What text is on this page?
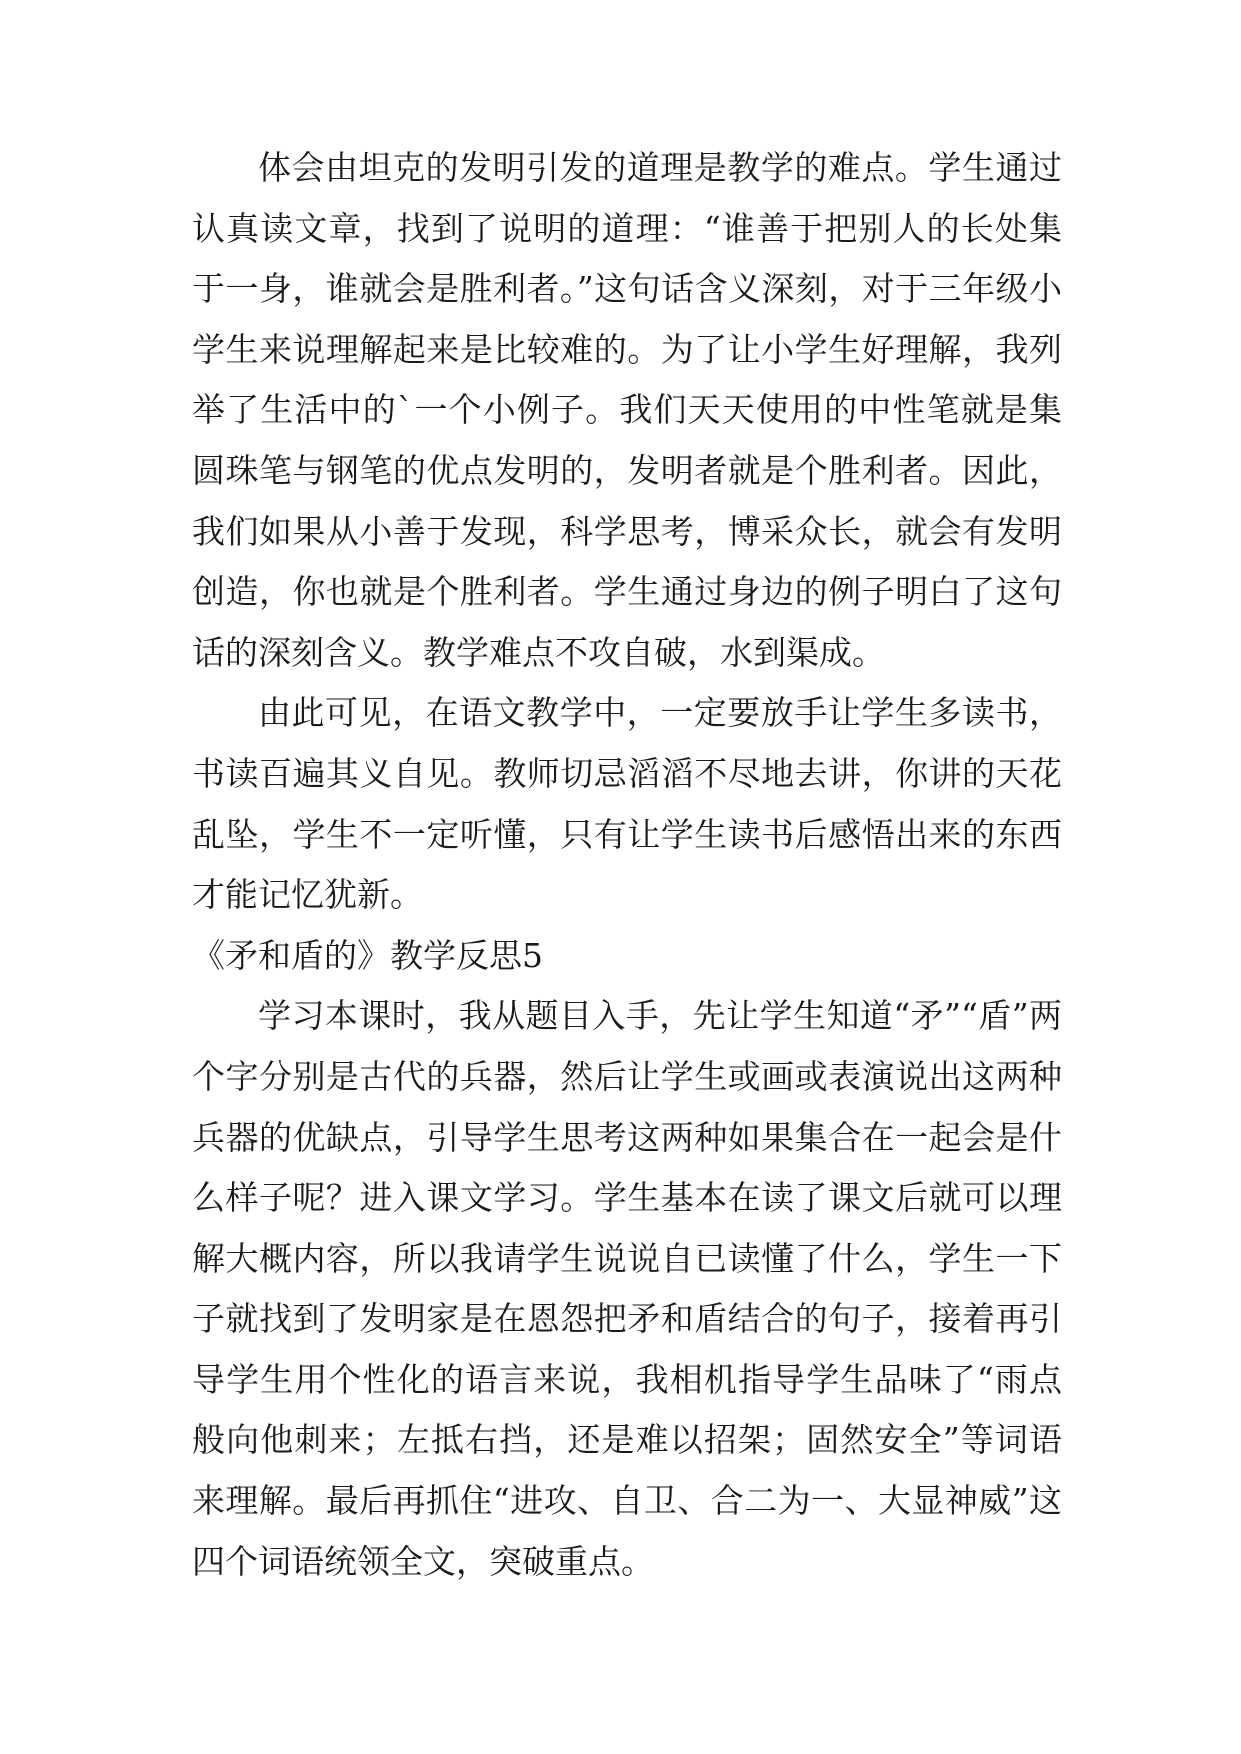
体会由坦克的发明引发的道理是教学的难点。学生通过认真读文章，找到了说明的道理：“谁善于把别人的长处集于一身，谁就会是胜利者。”这句话含义深刻，对于三年级小学生来说理解起来是比较难的。为了让小学生好理解，我列举了生活中的`一个小例子。我们天天使用的中性笔就是集圆珠笔与钢笔的优点发明的，发明者就是个胜利者。因此，我们如果从小善于发现，科学思考，博采众长，就会有发明创造，你也就是个胜利者。学生通过身边的例子明白了这句话的深刻含义。教学难点不攻自破，水到渠成。

由此可见，在语文教学中，一定要放手让学生多读书，书读百遍其义自见。教师切忌滔滔不尽地去讲，你讲的天花乱坠，学生不一定听懂，只有让学生读书后感悟出来的东西才能记忆犹新。

《矛和盾的》教学反思5

学习本课时，我从题目入手，先让学生知道“矛”“盾”两个字分别是古代的兵器，然后让学生或画或表演说出这两种兵器的优缺点，引导学生思考这两种如果集合在一起会是什么样子呢？进入课文学习。学生基本在读了课文后就可以理解大概内容，所以我请学生说说自已读懂了什么，学生一下子就找到了发明家是在恩怨把矛和盾结合的句子，接着再引导学生用个性化的语言来说，我相机指导学生品味了“雨点般向他刺来；左抵右挡，还是难以招架；固然安全”等词语来理解。最后再抓住“进攻、自卫、合二为一、大显神威”这四个词语统领全文，突破重点。
